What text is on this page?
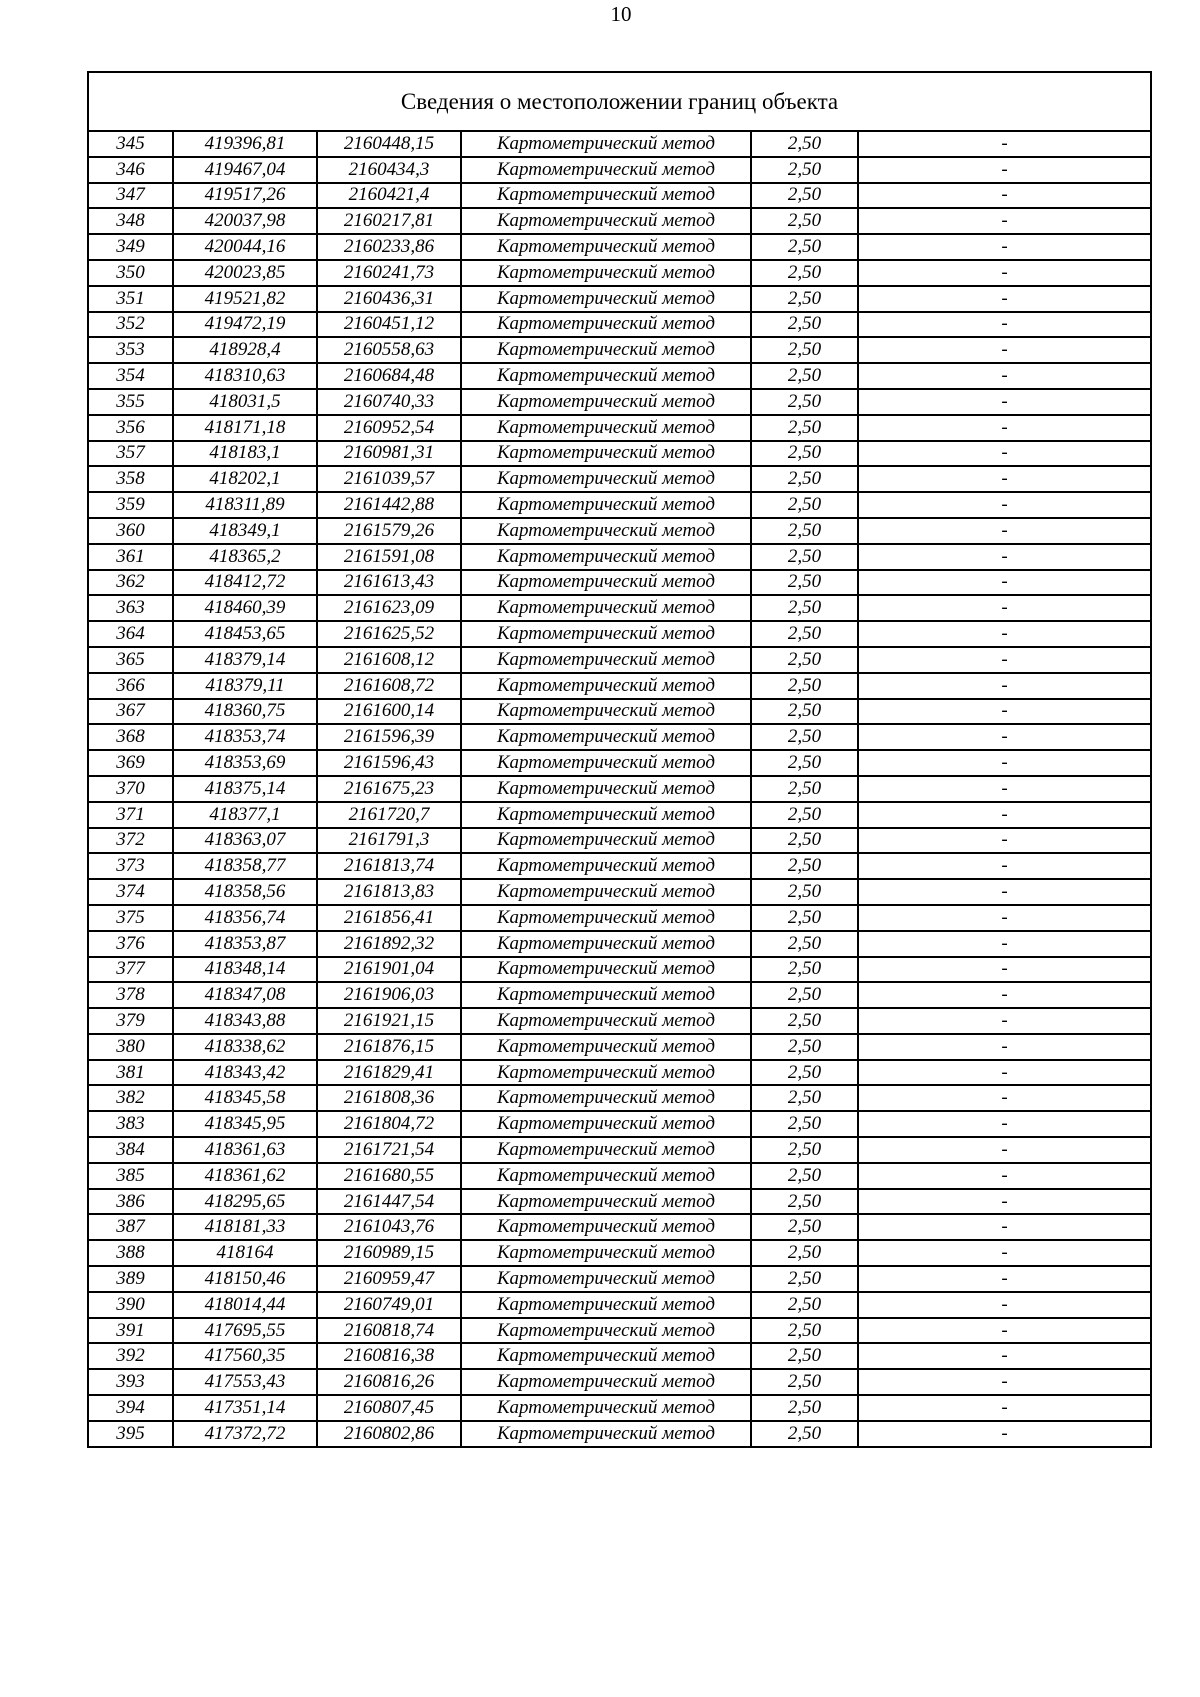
10
Сведения о местоположении границ объекта					
345	419396,81	2160448,15	Картометрический метод	2,50	-
346	419467,04	2160434,3	Картометрический метод	2,50	-
347	419517,26	2160421,4	Картометрический метод	2,50	-
348	420037,98	2160217,81	Картометрический метод	2,50	-
349	420044,16	2160233,86	Картометрический метод	2,50	-
350	420023,85	2160241,73	Картометрический метод	2,50	-
351	419521,82	2160436,31	Картометрический метод	2,50	-
352	419472,19	2160451,12	Картометрический метод	2,50	-
353	418928,4	2160558,63	Картометрический метод	2,50	-
354	418310,63	2160684,48	Картометрический метод	2,50	-
355	418031,5	2160740,33	Картометрический метод	2,50	-
356	418171,18	2160952,54	Картометрический метод	2,50	-
357	418183,1	2160981,31	Картометрический метод	2,50	-
358	418202,1	2161039,57	Картометрический метод	2,50	-
359	418311,89	2161442,88	Картометрический метод	2,50	-
360	418349,1	2161579,26	Картометрический метод	2,50	-
361	418365,2	2161591,08	Картометрический метод	2,50	-
362	418412,72	2161613,43	Картометрический метод	2,50	-
363	418460,39	2161623,09	Картометрический метод	2,50	-
364	418453,65	2161625,52	Картометрический метод	2,50	-
365	418379,14	2161608,12	Картометрический метод	2,50	-
366	418379,11	2161608,72	Картометрический метод	2,50	-
367	418360,75	2161600,14	Картометрический метод	2,50	-
368	418353,74	2161596,39	Картометрический метод	2,50	-
369	418353,69	2161596,43	Картометрический метод	2,50	-
370	418375,14	2161675,23	Картометрический метод	2,50	-
371	418377,1	2161720,7	Картометрический метод	2,50	-
372	418363,07	2161791,3	Картометрический метод	2,50	-
373	418358,77	2161813,74	Картометрический метод	2,50	-
374	418358,56	2161813,83	Картометрический метод	2,50	-
375	418356,74	2161856,41	Картометрический метод	2,50	-
376	418353,87	2161892,32	Картометрический метод	2,50	-
377	418348,14	2161901,04	Картометрический метод	2,50	-
378	418347,08	2161906,03	Картометрический метод	2,50	-
379	418343,88	2161921,15	Картометрический метод	2,50	-
380	418338,62	2161876,15	Картометрический метод	2,50	-
381	418343,42	2161829,41	Картометрический метод	2,50	-
382	418345,58	2161808,36	Картометрический метод	2,50	-
383	418345,95	2161804,72	Картометрический метод	2,50	-
384	418361,63	2161721,54	Картометрический метод	2,50	-
385	418361,62	2161680,55	Картометрический метод	2,50	-
386	418295,65	2161447,54	Картометрический метод	2,50	-
387	418181,33	2161043,76	Картометрический метод	2,50	-
388	418164	2160989,15	Картометрический метод	2,50	-
389	418150,46	2160959,47	Картометрический метод	2,50	-
390	418014,44	2160749,01	Картометрический метод	2,50	-
391	417695,55	2160818,74	Картометрический метод	2,50	-
392	417560,35	2160816,38	Картометрический метод	2,50	-
393	417553,43	2160816,26	Картометрический метод	2,50	-
394	417351,14	2160807,45	Картометрический метод	2,50	-
395	417372,72	2160802,86	Картометрический метод	2,50	-
